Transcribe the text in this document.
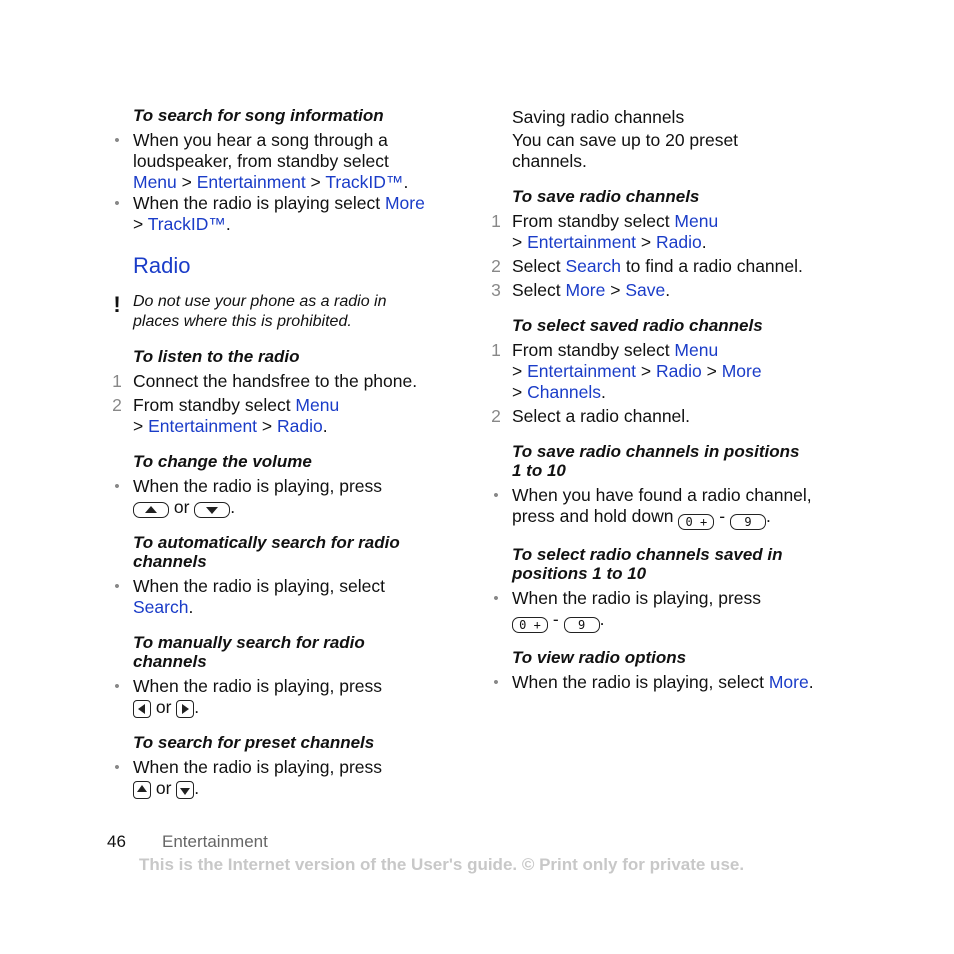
To search for song information

• When you hear a song through a
loudspeaker, from standby select
Menu > Entertainment > TrackID™.
• When the radio is playing select More
> TrackID™.

Radio

! Do not use your phone as a radio in
places where this is prohibited.

To listen to the radio

1 Connect the handsfree to the phone.
2 From standby select Menu
> Entertainment > Radio.

To change the volume

• When the radio is playing, press
or .

To automatically search for radio
channels

• When the radio is playing, select
Search.

To manually search for radio
channels

• When the radio is playing, press
or .

To search for preset channels

• When the radio is playing, press
or .

Saving radio channels

You can save up to 20 preset
channels.

To save radio channels

1 From standby select Menu
> Entertainment > Radio.
2 Select Search to find a radio channel.
3 Select More > Save.

To select saved radio channels

1 From standby select Menu
> Entertainment > Radio > More
> Channels.
2 Select a radio channel.

To save radio channels in positions
1 to 10

• When you have found a radio channel,
press and hold down 0 + - 9 .

To select radio channels saved in
positions 1 to 10

• When the radio is playing, press
0 + - 9 .

To view radio options

• When the radio is playing, select More.
46 Entertainment
This is the Internet version of the User's guide. © Print only for private use.
